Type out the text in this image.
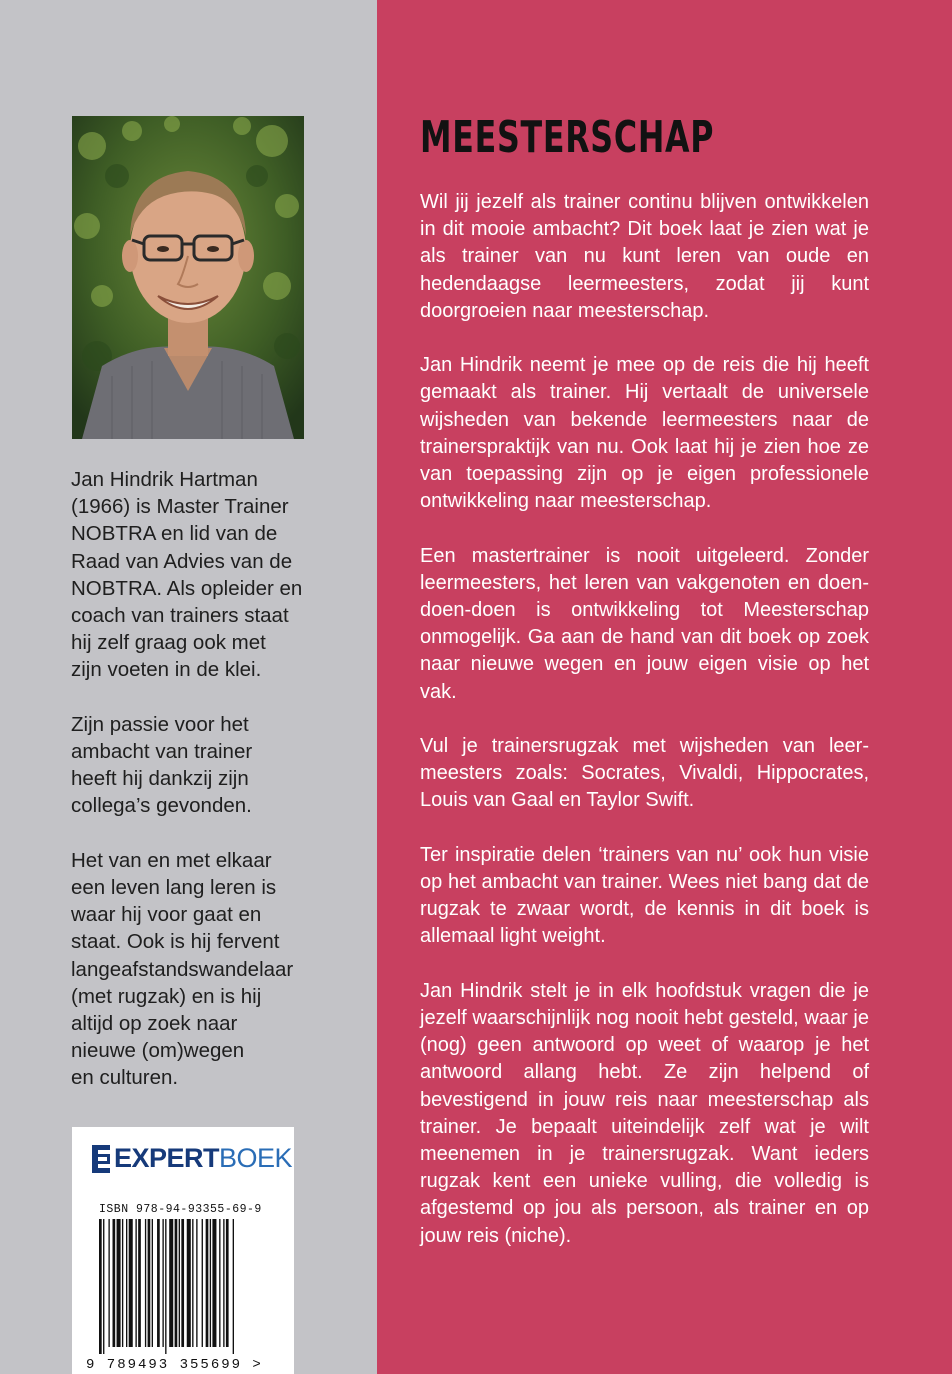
Jan Hindrik Hartman
(1966) is Master Trainer
NOBTRA en lid van de
Raad van Advies van de
NOBTRA. Als opleider en
coach van trainers staat
hij zelf graag ook met
zijn voeten in de klei.

Zijn passie voor het
ambacht van trainer
heeft hij dankzij zijn
collega’s gevonden.

Het van en met elkaar
een leven lang leren is
waar hij voor gaat en
staat. Ook is hij fervent
langeafstandswandelaar
(met rugzak) en is hij
altijd op zoek naar
nieuwe (om)wegen
en culturen.

EXPERT BOEK
ISBN 978-94-93355-69-9
9 789493 355699 >
MEESTERSCHAP

Wil jij jezelf als trainer continu blijven ontwikkelen in dit mooie ambacht? Dit boek laat je zien wat je als trainer van nu kunt leren van oude en hedendaagse leermeesters, zodat jij kunt doorgroeien naar meesterschap.

Jan Hindrik neemt je mee op de reis die hij heeft gemaakt als trainer. Hij vertaalt de universele wijsheden van bekende leermeesters naar de trainerspraktijk van nu. Ook laat hij je zien hoe ze van toepassing zijn op je eigen professionele ontwikkeling naar meesterschap.

Een mastertrainer is nooit uitgeleerd. Zonder leermeesters, het leren van vakgenoten en doen-doen-doen is ontwikkeling tot Meesterschap onmogelijk. Ga aan de hand van dit boek op zoek naar nieuwe wegen en jouw eigen visie op het vak.

Vul je trainersrugzak met wijsheden van leermeesters zoals: Socrates, Vivaldi, Hippocrates, Louis van Gaal en Taylor Swift.

Ter inspiratie delen ‘trainers van nu’ ook hun visie op het ambacht van trainer. Wees niet bang dat de rugzak te zwaar wordt, de kennis in dit boek is allemaal light weight.

Jan Hindrik stelt je in elk hoofdstuk vragen die je jezelf waarschijnlijk nog nooit hebt gesteld, waar je (nog) geen antwoord op weet of waarop je het antwoord allang hebt. Ze zijn helpend of bevestigend in jouw reis naar meesterschap als trainer. Je bepaalt uiteindelijk zelf wat je wilt meenemen in je trainersrugzak. Want ieders rugzak kent een unieke vulling, die volledig is afgestemd op jou als persoon, als trainer en op jouw reis (niche).
